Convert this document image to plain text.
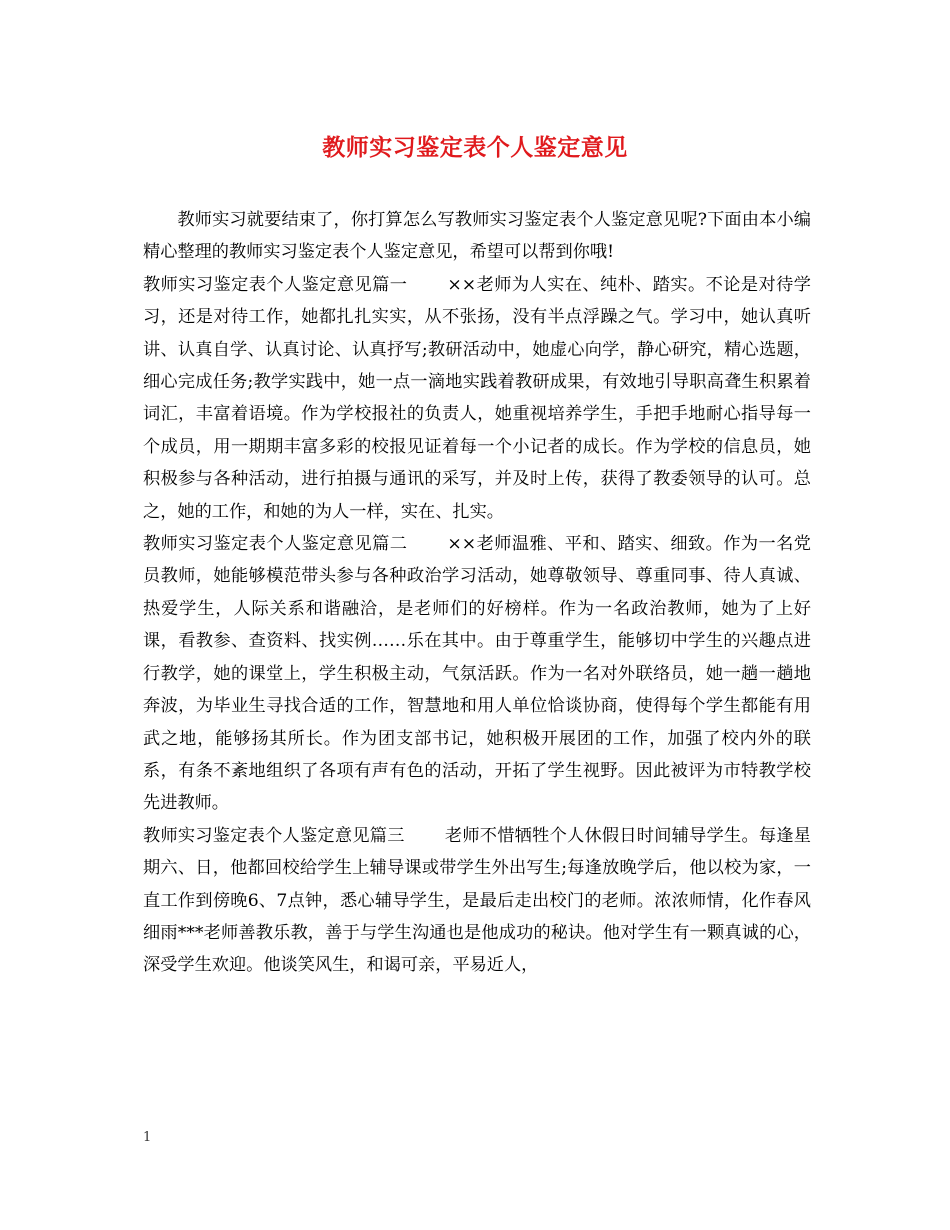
教师实习鉴定表个人鉴定意见

教师实习就要结束了，你打算怎么写教师实习鉴定表个人鉴定意见呢?下面由本小编精心整理的教师实习鉴定表个人鉴定意见，希望可以帮到你哦!

教师实习鉴定表个人鉴定意见篇一 ××老师为人实在、纯朴、踏实。不论是对待学习，还是对待工作，她都扎扎实实，从不张扬，没有半点浮躁之气。学习中，她认真听讲、认真自学、认真讨论、认真抒写;教研活动中，她虚心向学，静心研究，精心选题，细心完成任务;教学实践中，她一点一滴地实践着教研成果，有效地引导职高聋生积累着词汇，丰富着语境。作为学校报社的负责人，她重视培养学生，手把手地耐心指导每一个成员，用一期期丰富多彩的校报见证着每一个小记者的成长。作为学校的信息员，她积极参与各种活动，进行拍摄与通讯的采写，并及时上传，获得了教委领导的认可。总之，她的工作，和她的为人一样，实在、扎实。

教师实习鉴定表个人鉴定意见篇二 ××老师温雅、平和、踏实、细致。作为一名党员教师，她能够模范带头参与各种政治学习活动，她尊敬领导、尊重同事、待人真诚、热爱学生，人际关系和谐融洽，是老师们的好榜样。作为一名政治教师，她为了上好课，看教参、查资料、找实例……乐在其中。由于尊重学生，能够切中学生的兴趣点进行教学，她的课堂上，学生积极主动，气氛活跃。作为一名对外联络员，她一趟一趟地奔波，为毕业生寻找合适的工作，智慧地和用人单位恰谈协商，使得每个学生都能有用武之地，能够扬其所长。作为团支部书记，她积极开展团的工作，加强了校内外的联系，有条不紊地组织了各项有声有色的活动，开拓了学生视野。因此被评为市特教学校先进教师。

教师实习鉴定表个人鉴定意见篇三 老师不惜牺牲个人休假日时间辅导学生。每逢星期六、日，他都回校给学生上辅导课或带学生外出写生;每逢放晚学后，他以校为家，一直工作到傍晚6、7点钟，悉心辅导学生，是最后走出校门的老师。浓浓师情，化作春风细雨***老师善教乐教，善于与学生沟通也是他成功的秘诀。他对学生有一颗真诚的心，深受学生欢迎。他谈笑风生，和谒可亲，平易近人，

1
